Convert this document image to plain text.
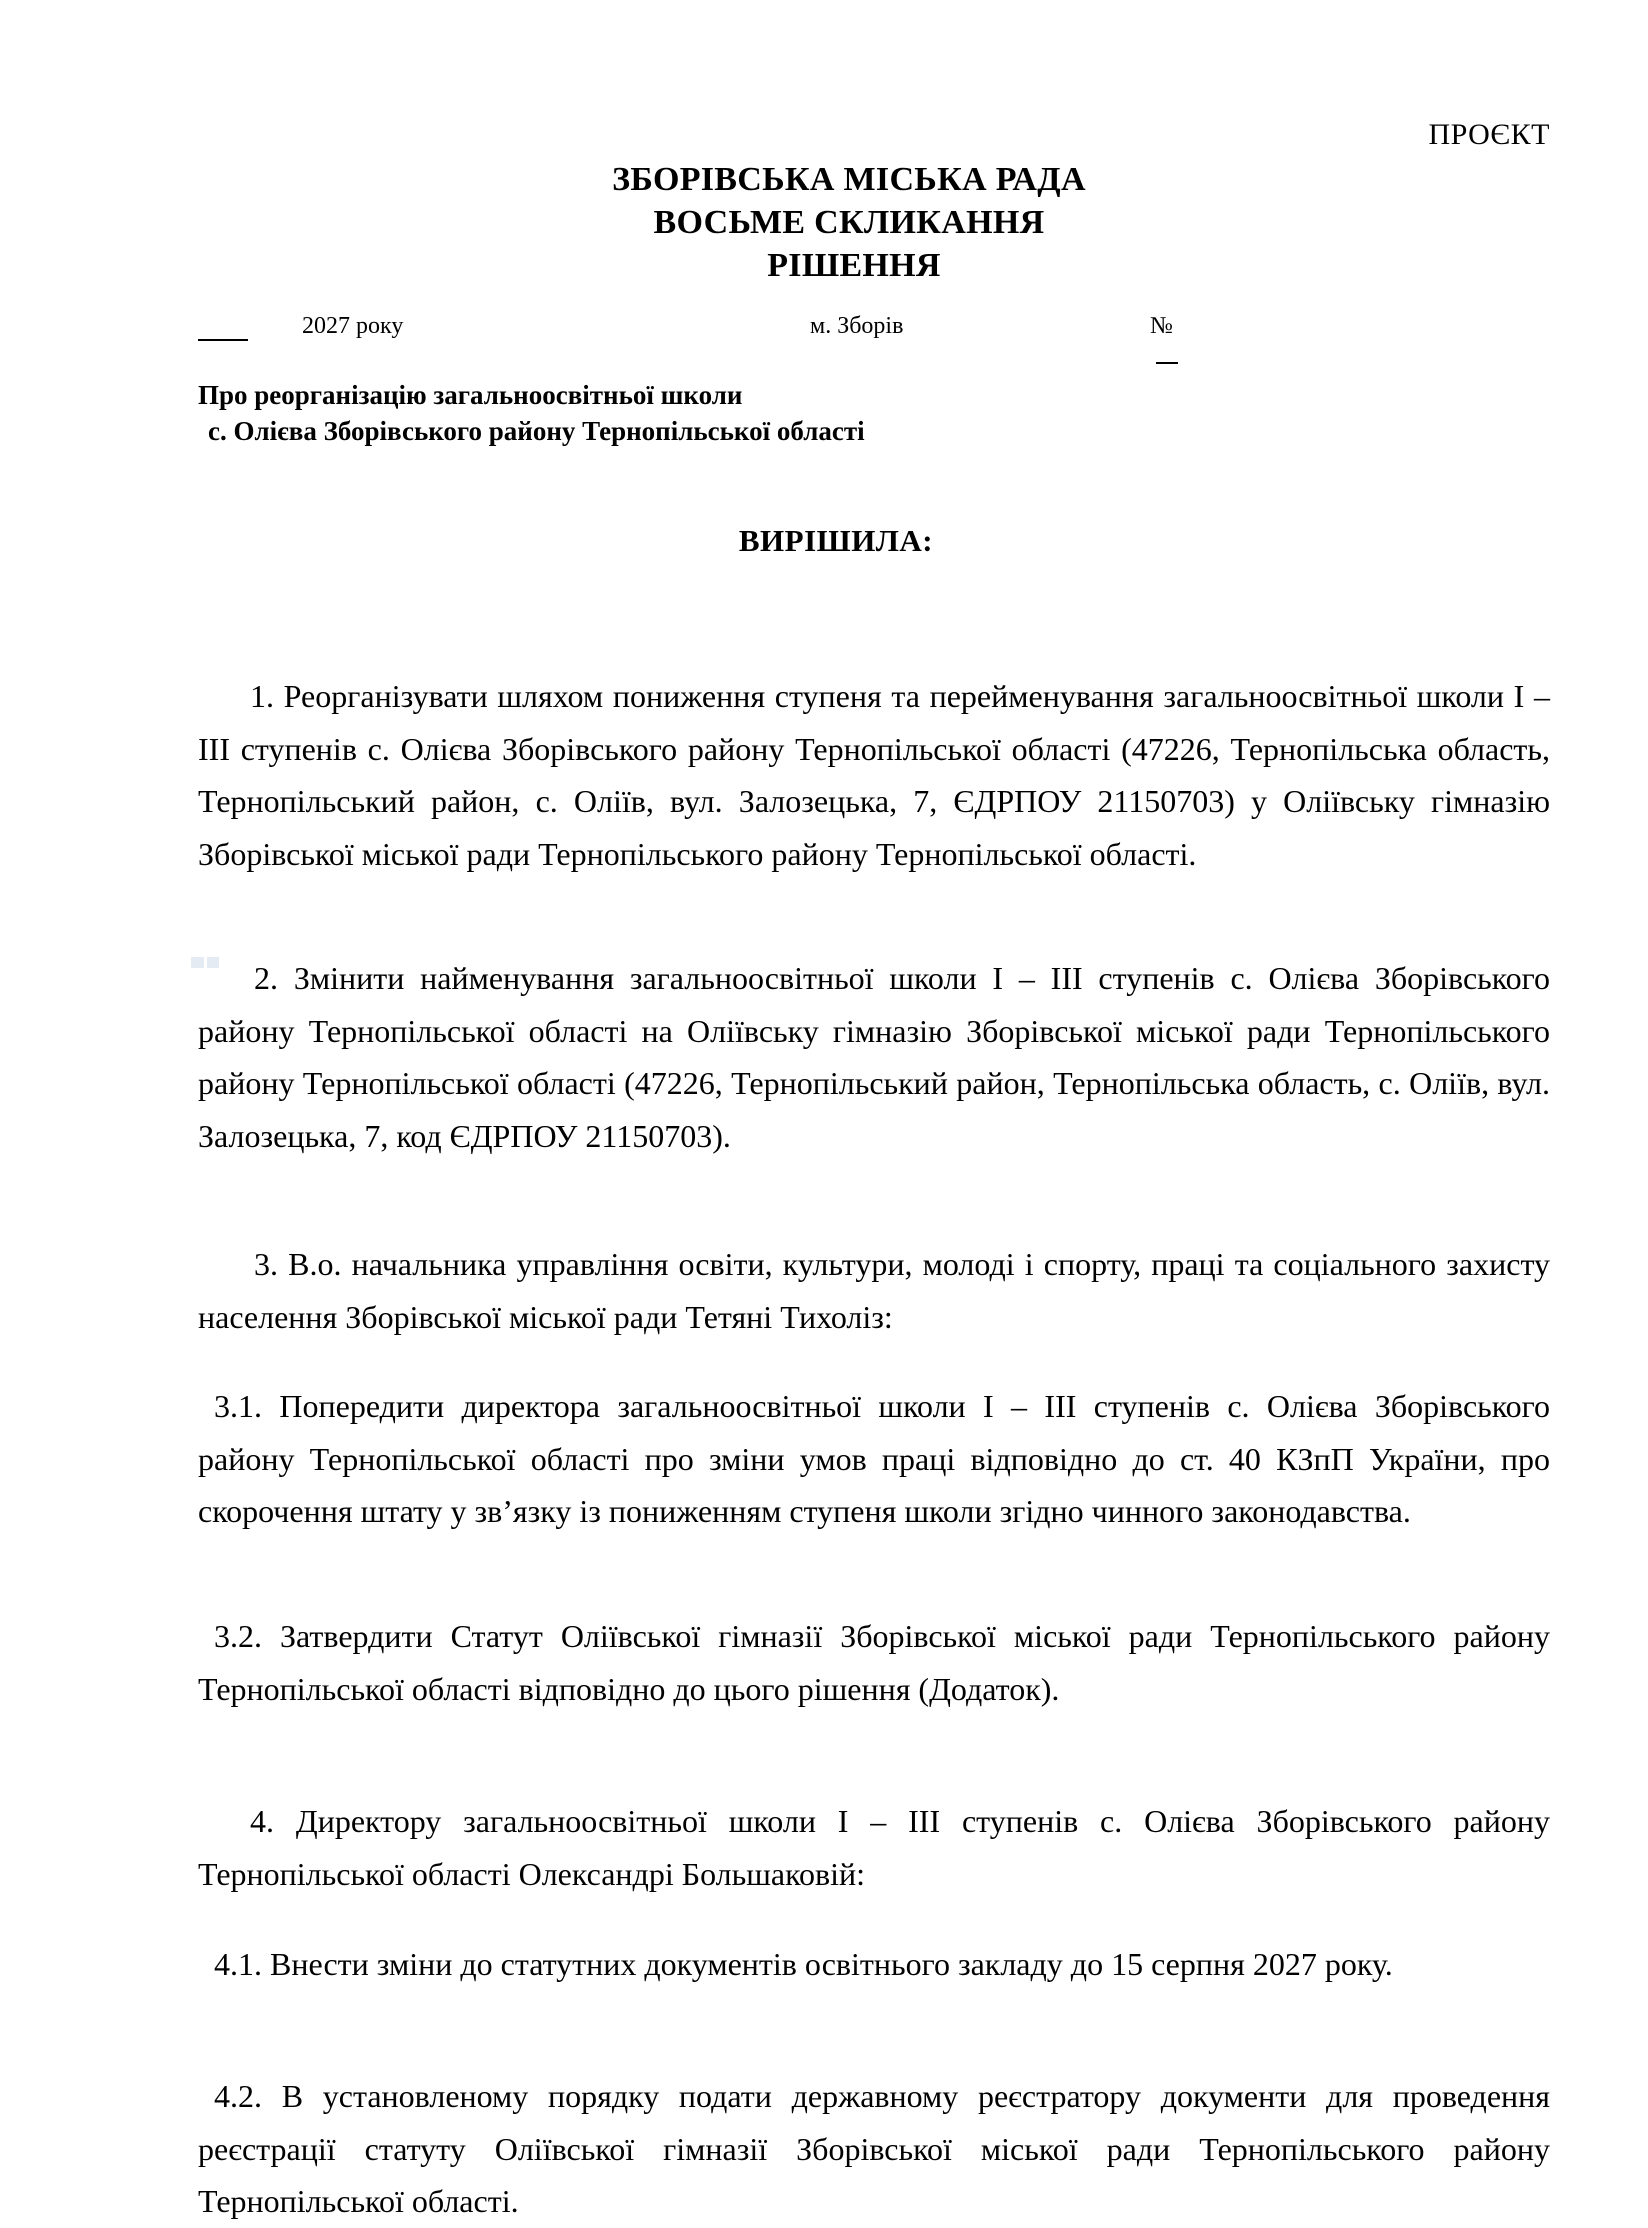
ПРОЄКТ
ЗБОРІВСЬКА МІСЬКА РАДА
ВОСЬМЕ СКЛИКАННЯ
РІШЕННЯ
2027 року	м. Зборів	№
Про реорганізацію загальноосвітньої школи
с. Олієва Зборівського району Тернопільської області
ВИРІШИЛА:
1. Реорганізувати шляхом пониження ступеня та перейменування загальноосвітньої школи I – III ступенів с. Олієва Зборівського району Тернопільської області (47226, Тернопільська область, Тернопільський район, с. Оліїв, вул. Залозецька, 7, ЄДРПОУ 21150703) у Оліївську гімназію Зборівської міської ради Тернопільського району Тернопільської області.
2. Змінити найменування загальноосвітньої школи I – III ступенів с. Олієва Зборівського району Тернопільської області на Оліївську гімназію Зборівської міської ради Тернопільського району Тернопільської області (47226, Тернопільський район, Тернопільська область, с. Оліїв, вул. Залозецька, 7, код ЄДРПОУ 21150703).
3. В.о. начальника управління освіти, культури, молоді і спорту, праці та соціального захисту населення Зборівської міської ради Тетяні Тихоліз:
3.1. Попередити директора загальноосвітньої школи I – III ступенів с. Олієва Зборівського району Тернопільської області про зміни умов праці відповідно до ст. 40 КЗпП України, про скорочення штату у зв’язку із пониженням ступеня школи згідно чинного законодавства.
3.2. Затвердити Статут Оліївської гімназії Зборівської міської ради Тернопільського району Тернопільської області відповідно до цього рішення (Додаток).
4. Директору загальноосвітньої школи I – III ступенів с. Олієва Зборівського району Тернопільської області Олександрі Большаковій:
4.1. Внести зміни до статутних документів освітнього закладу до 15 серпня 2027 року.
4.2. В установленому порядку подати державному реєстратору документи для проведення реєстрації статуту Оліївської гімназії Зборівської міської ради Тернопільського району Тернопільської області.
